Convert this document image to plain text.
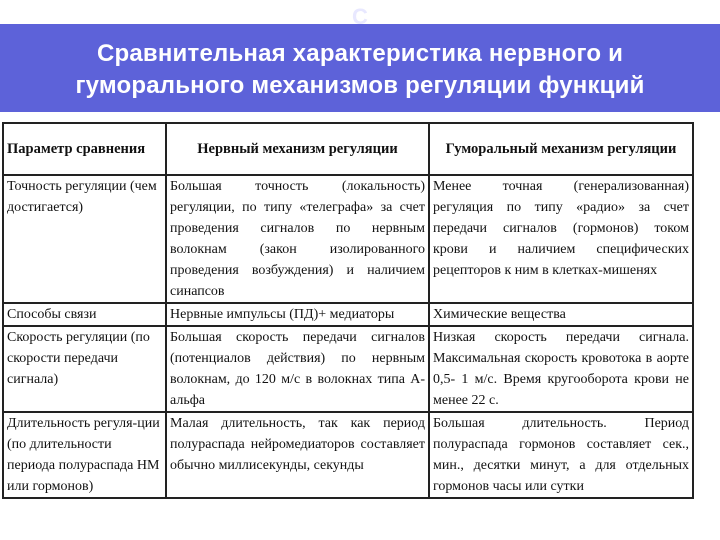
С
Сравнительная характеристика нервного и гуморального механизмов регуляции функций
Параметр сравнения	Нервный механизм регуляции	Гуморальный механизм регуляции
Точность регуляции (чем достигается)	Большая точность (локальность) регуляции, по типу «телеграфа» за счет проведения сигналов по нервным волокнам (закон изолированного проведения возбуждения) и наличием синапсов	Менее точная (генерализованная) регуляция по типу «радио» за счет передачи сигналов (гормонов) током крови и наличием специфических рецепторов к ним в клетках-мишенях
Способы связи	Нервные импульсы (ПД)+ медиаторы	Химические вещества
Скорость регуляции (по скорости передачи сигнала)	Большая скорость передачи сигналов (потенциалов действия) по нервным волокнам, до 120 м/с в волокнах типа А-альфа	Низкая скорость передачи сигнала. Максимальная скорость кровотока в аорте 0,5- 1 м/с. Время кругооборота крови не менее 22 с.
Длительность регуля-ции (по длительности периода полураспада НМ или гормонов)	Малая длительность, так как период полураспада нейромедиаторов составляет обычно миллисекунды, секунды	Большая длительность. Период полураспада гормонов составляет сек., мин., десятки минут, а для отдельных гормонов часы или сутки
